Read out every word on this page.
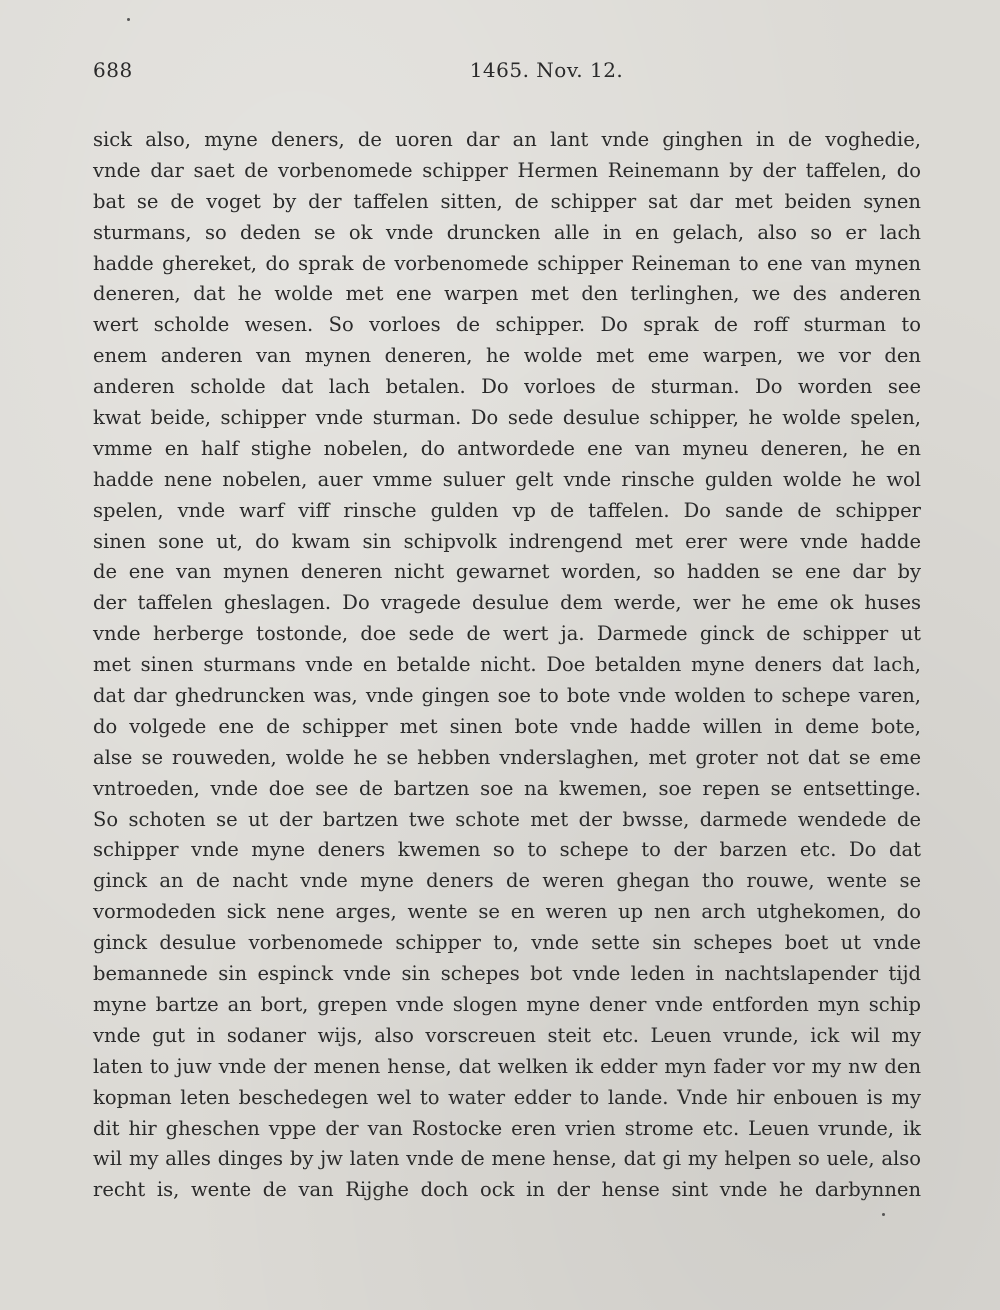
688	1465. Nov. 12.
sick also, myne deners, de uoren dar an lant vnde ginghen in de voghedie,
vnde dar saet de vorbenomede schipper Hermen Reinemann by der taffelen, do
bat se de voget by der taffelen sitten, de schipper sat dar met beiden synen
sturmans, so deden se ok vnde druncken alle in en gelach, also so er lach
hadde ghereket, do sprak de vorbenomede schipper Reineman to ene van mynen
deneren, dat he wolde met ene warpen met den terlinghen, we des anderen
wert scholde wesen. So vorloes de schipper. Do sprak de roff sturman to
enem anderen van mynen deneren, he wolde met eme warpen, we vor den
anderen scholde dat lach betalen. Do vorloes de sturman. Do worden see
kwat beide, schipper vnde sturman. Do sede desulue schipper, he wolde spelen,
vmme en half stighe nobelen, do antwordede ene van myneu deneren, he en
hadde nene nobelen, auer vmme suluer gelt vnde rinsche gulden wolde he wol
spelen, vnde warf viff rinsche gulden vp de taffelen. Do sande de schipper
sinen sone ut, do kwam sin schipvolk indrengend met erer were vnde hadde
de ene van mynen deneren nicht gewarnet worden, so hadden se ene dar by
der taffelen gheslagen. Do vragede desulue dem werde, wer he eme ok huses
vnde herberge tostonde, doe sede de wert ja. Darmede ginck de schipper ut
met sinen sturmans vnde en betalde nicht. Doe betalden myne deners dat lach,
dat dar ghedruncken was, vnde gingen soe to bote vnde wolden to schepe varen,
do volgede ene de schipper met sinen bote vnde hadde willen in deme bote,
alse se rouweden, wolde he se hebben vnderslaghen, met groter not dat se eme
vntroeden, vnde doe see de bartzen soe na kwemen, soe repen se entsettinge.
So schoten se ut der bartzen twe schote met der bwsse, darmede wendede de
schipper vnde myne deners kwemen so to schepe to der barzen etc. Do dat
ginck an de nacht vnde myne deners de weren ghegan tho rouwe, wente se
vormodeden sick nene arges, wente se en weren up nen arch utghekomen, do
ginck desulue vorbenomede schipper to, vnde sette sin schepes boet ut vnde
bemannede sin espinck vnde sin schepes bot vnde leden in nachtslapender tijd
myne bartze an bort, grepen vnde slogen myne dener vnde entforden myn schip
vnde gut in sodaner wijs, also vorscreuen steit etc. Leuen vrunde, ick wil my
laten to juw vnde der menen hense, dat welken ik edder myn fader vor my nw den
kopman leten beschedegen wel to water edder to lande. Vnde hir enbouen is my
dit hir gheschen vppe der van Rostocke eren vrien strome etc. Leuen vrunde, ik
wil my alles dinges by jw laten vnde de mene hense, dat gi my helpen so uele, also
recht is, wente de van Rijghe doch ock in der hense sint vnde he darbynnen
